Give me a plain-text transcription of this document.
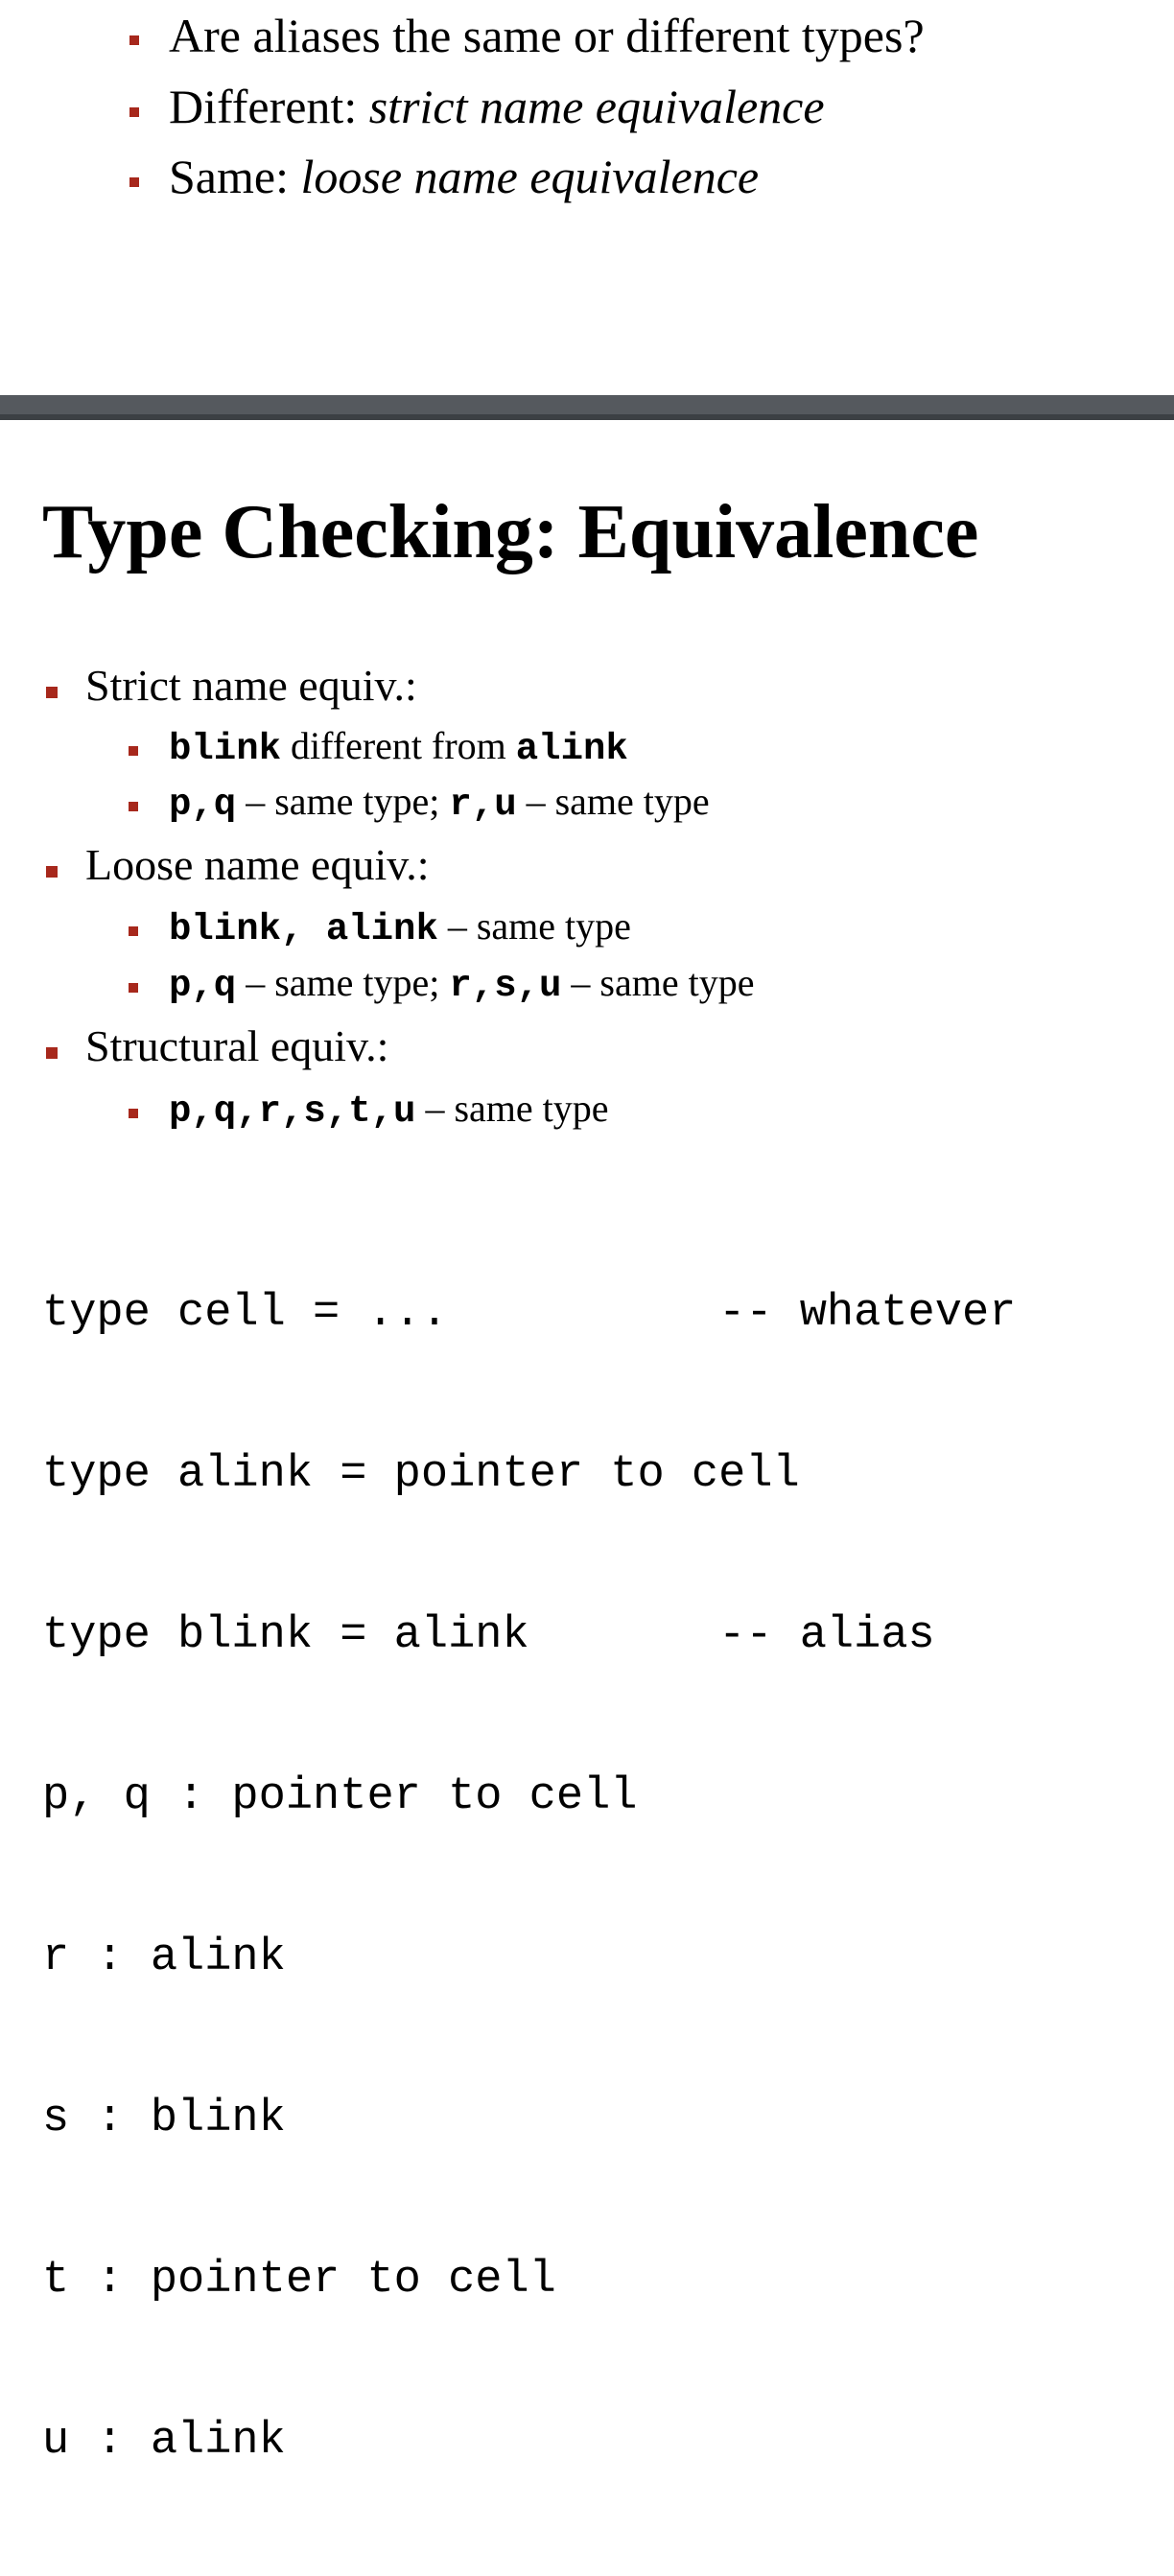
Are aliases the same or different types?
Different: strict name equivalence
Same: loose name equivalence
Type Checking: Equivalence
Strict name equiv.:
blink different from alink
p,q – same type; r,u – same type
Loose name equiv.:
blink, alink – same type
p,q – same type; r,s,u – same type
Structural equiv.:
p,q,r,s,t,u – same type

type cell = ...          -- whatever

type alink = pointer to cell

type blink = alink       -- alias

p, q : pointer to cell

r : alink

s : blink

t : pointer to cell

u : alink
